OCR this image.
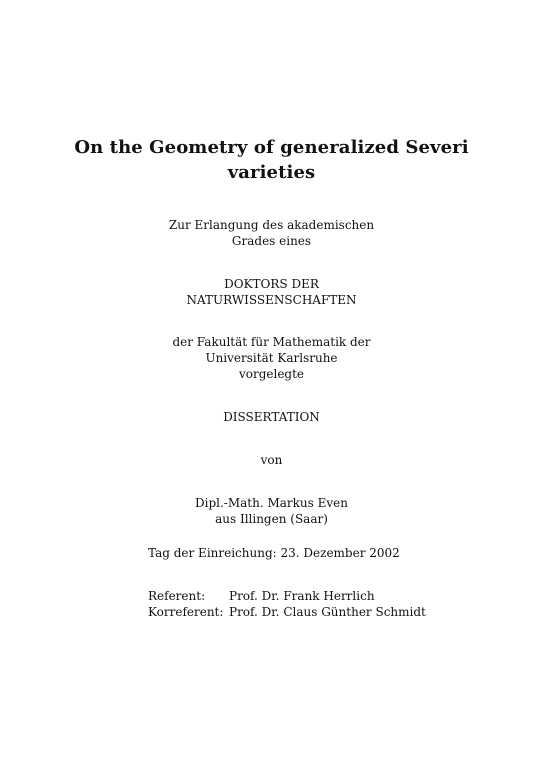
On the Geometry of generalized Severi
varieties
Zur Erlangung des akademischen
Grades eines
DOKTORS DER
NATURWISSENSCHAFTEN
der Fakultät für Mathematik der
Universität Karlsruhe
vorgelegte
DISSERTATION
von
Dipl.-Math. Markus Even
aus Illingen (Saar)
Tag der Einreichung: 23. Dezember 2002
Referent: Prof. Dr. Frank Herrlich
Korreferent: Prof. Dr. Claus Günther Schmidt
